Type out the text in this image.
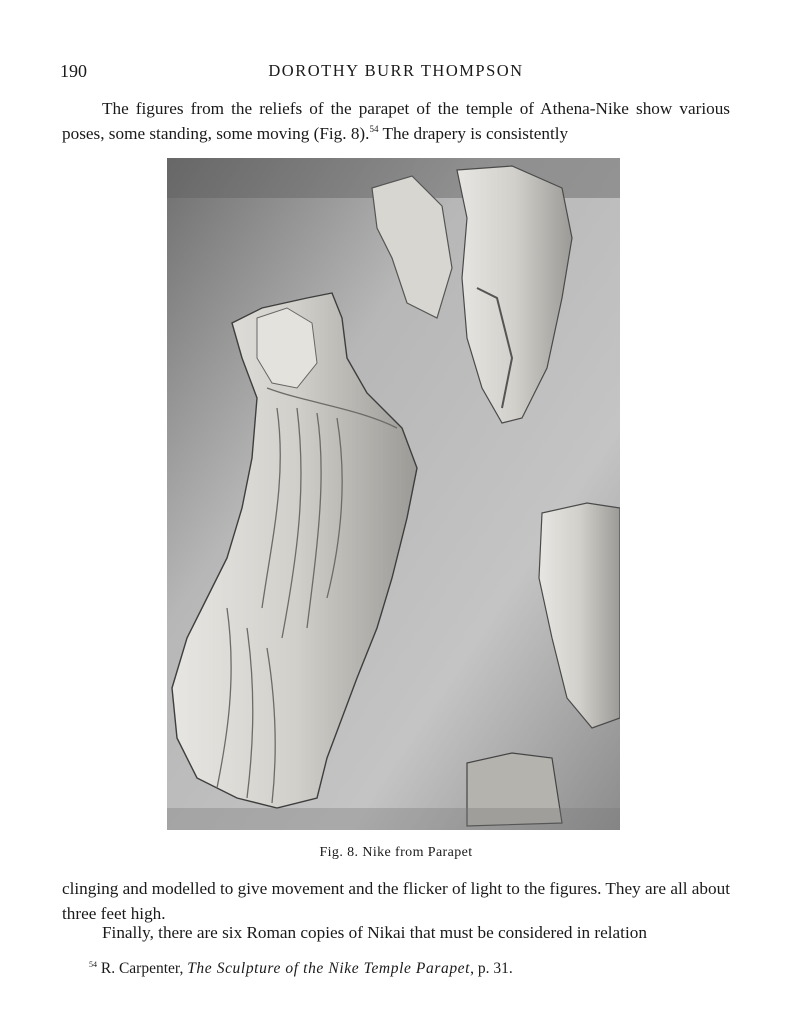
190	DOROTHY BURR THOMPSON

The figures from the reliefs of the parapet of the temple of Athena-Nike show various poses, some standing, some moving (Fig. 8).$^{54}$ The drapery is consistently

Fig. 8. Nike from Parapet

clinging and modelled to give movement and the flicker of light to the figures. They are all about three feet high.

Finally, there are six Roman copies of Nikai that must be considered in relation

$^{54}$ R. Carpenter, The Sculpture of the Nike Temple Parapet, p. 31.
